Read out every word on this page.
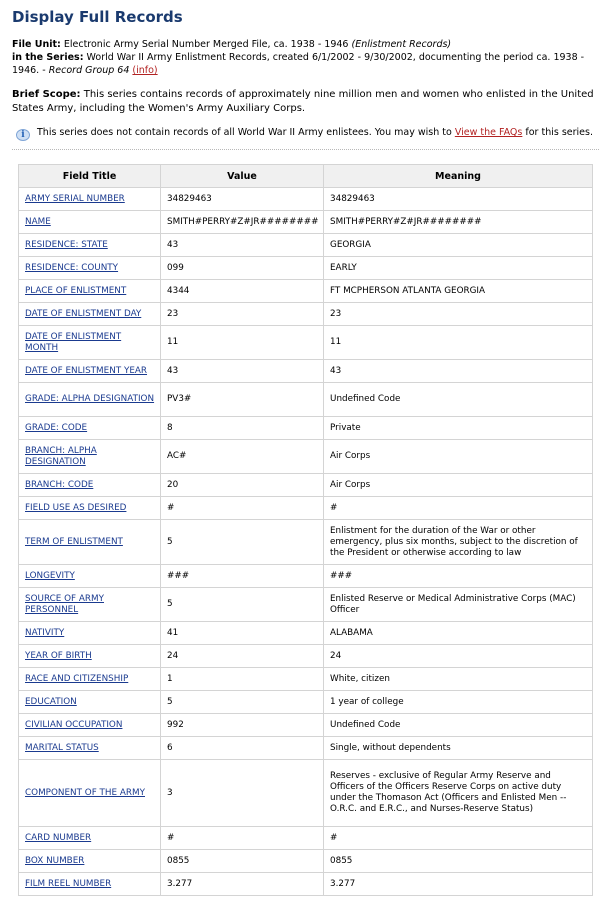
Display Full Records

File Unit: Electronic Army Serial Number Merged File, ca. 1938 - 1946 (Enlistment Records)

in the Series: World War II Army Enlistment Records, created 6/1/2002 - 9/30/2002, documenting the period ca. 1938 - 1946. - Record Group 64 (info)

Brief Scope: This series contains records of approximately nine million men and women who enlisted in the United States Army, including the Women's Army Auxiliary Corps.

i	This series does not contain records of all World War II Army enlistees. You may wish to View the FAQs for this series.
Field Title	Value	Meaning
ARMY SERIAL NUMBER	34829463	34829463
NAME	SMITH#PERRY#Z#JR########	SMITH#PERRY#Z#JR########
RESIDENCE: STATE	43	GEORGIA
RESIDENCE: COUNTY	099	EARLY
PLACE OF ENLISTMENT	4344	FT MCPHERSON ATLANTA GEORGIA
DATE OF ENLISTMENT DAY	23	23
DATE OF ENLISTMENT MONTH	11	11
DATE OF ENLISTMENT YEAR	43	43
GRADE: ALPHA DESIGNATION	PV3#	Undefined Code
GRADE: CODE	8	Private
BRANCH: ALPHA DESIGNATION	AC#	Air Corps
BRANCH: CODE	20	Air Corps
FIELD USE AS DESIRED	#	#
TERM OF ENLISTMENT	5	Enlistment for the duration of the War or other emergency, plus six months, subject to the discretion of the President or otherwise according to law
LONGEVITY	###	###
SOURCE OF ARMY PERSONNEL	5	Enlisted Reserve or Medical Administrative Corps (MAC) Officer
NATIVITY	41	ALABAMA
YEAR OF BIRTH	24	24
RACE AND CITIZENSHIP	1	White, citizen
EDUCATION	5	1 year of college
CIVILIAN OCCUPATION	992	Undefined Code
MARITAL STATUS	6	Single, without dependents
COMPONENT OF THE ARMY	3	Reserves - exclusive of Regular Army Reserve and Officers of the Officers Reserve Corps on active duty under the Thomason Act (Officers and Enlisted Men -- O.R.C. and E.R.C., and Nurses-Reserve Status)
CARD NUMBER	#	#
BOX NUMBER	0855	0855
FILM REEL NUMBER	3.277	3.277
